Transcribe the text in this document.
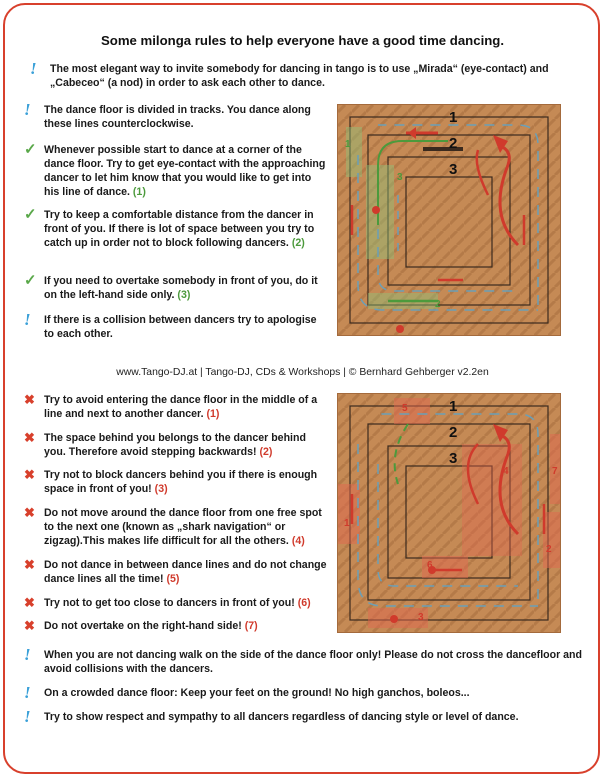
Some milonga rules to help everyone have a good time dancing.
! The most elegant way to invite somebody for dancing in tango is to use „Mirada“ (eye-contact) and „Cabeceo“ (a nod) in order to ask each other to dance.
! The dance floor is divided in tracks. You dance along these lines counterclockwise.
✓ Whenever possible start to dance at a corner of the dance floor. Try to get eye-contact with the approaching dancer to let him know that you would like to get into his line of dance. (1)
✓ Try to keep a comfortable distance from the dancer in front of you. If there is lot of space between you try to catch up in order not to block following dancers. (2)
✓ If you need to overtake somebody in front of you, do it on the left-hand side only. (3)
! If there is a collision between dancers try to apologise to each other.
1
2
3
1
3
2
www.Tango-DJ.at | Tango-DJ, CDs & Workshops | © Bernhard Gehberger v2.2en
✖ Try to avoid entering the dance floor in the middle of a line and next to another dancer. (1)
✖ The space behind you belongs to the dancer behind you. Therefore avoid stepping backwards! (2)
✖ Try not to block dancers behind you if there is enough space in front of you! (3)
✖ Do not move around the dance floor from one free spot to the next one (known as „shark navigation“ or zigzag).This makes life difficult for all the others. (4)
✖ Do not dance in between dance lines and do not change dance lines all the time! (5)
✖ Try not to get too close to dancers in front of you! (6)
✖ Do not overtake on the right-hand side! (7)
1
2
3
5
7
4
1
2
6
3
! When you are not dancing walk on the side of the dance floor only! Please do not cross the dancefloor and avoid collisions with the dancers.
! On a crowded dance floor: Keep your feet on the ground! No high ganchos, boleos...
! Try to show respect and sympathy to all dancers regardless of dancing style or level of dance.
